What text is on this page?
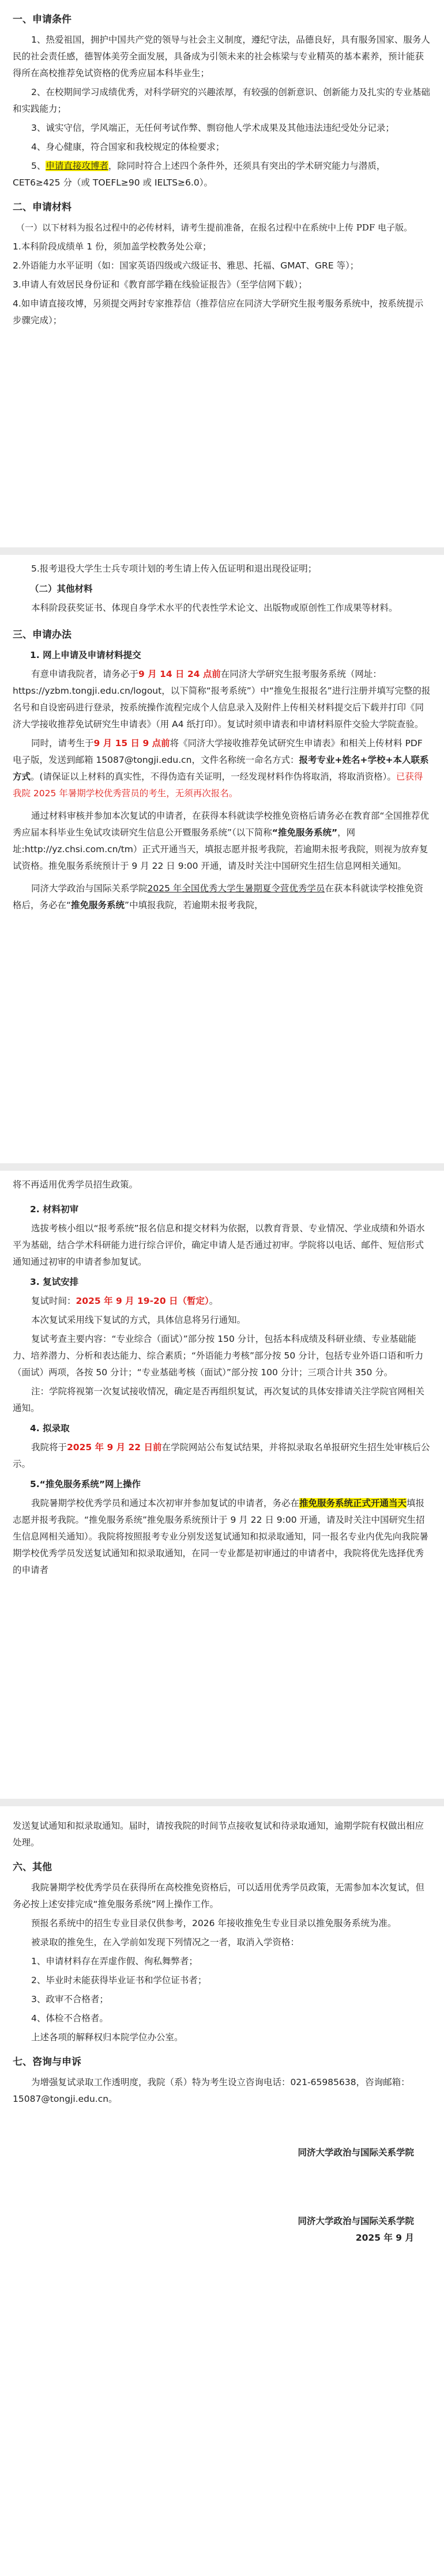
一、申请条件
1、热爱祖国，拥护中国共产党的领导与社会主义制度，遵纪守法，品德良好，具有服务国家、服务人民的社会责任感，德智体美劳全面发展，具备成为引领未来的社会栋梁与专业精英的基本素养，预计能获得所在高校推荐免试资格的优秀应届本科毕业生；
2、在校期间学习成绩优秀，对科学研究的兴趣浓厚，有较强的创新意识、创新能力及扎实的专业基础和实践能力；
3、诚实守信，学风端正，无任何考试作弊、剽窃他人学术成果及其他违法违纪受处分记录；
4、身心健康，符合国家和我校规定的体检要求；
5、申请直接攻博者，除同时符合上述四个条件外，还须具有突出的学术研究能力与潜质，CET6≥425 分（或 TOEFL≥90 或 IELTS≥6.0）。
二、申请材料
（一）以下材料为报名过程中的必传材料，请考生提前准备，在报名过程中在系统中上传 PDF 电子版。
1.本科阶段成绩单 1 份，须加盖学校教务处公章；
2.外语能力水平证明（如：国家英语四级或六级证书、雅思、托福、GMAT、GRE 等）；
3.申请人有效居民身份证和《教育部学籍在线验证报告》（至学信网下载）；
4.如申请直接攻博，另须提交两封专家推荐信（推荐信应在同济大学研究生报考服务系统中，按系统提示步骤完成）；
5.报考退役大学生士兵专项计划的考生请上传入伍证明和退出现役证明；
（二）其他材料
本科阶段获奖证书、体现自身学术水平的代表性学术论文、出版物或原创性工作成果等材料。
三、申请办法
1. 网上申请及申请材料提交
有意申请我院者，请务必于9 月 14 日 24 点前在同济大学研究生报考服务系统（网址：https://yzbm.tongji.edu.cn/logout，以下简称“报考系统”）中“推免生报报名”进行注册并填写完整的报名号和自设密码进行登录，按系统操作流程完成个人信息录入及附件上传相关材料提交后下载并打印《同济大学接收推荐免试研究生申请表》（用 A4 纸打印）。复试时须申请表和申请材料原件交验大学院查验。
同时，请考生于9 月 15 日 9 点前将《同济大学接收推荐免试研究生申请表》和相关上传材料 PDF 电子版，发送到邮箱 15087@tongji.edu.cn，文件名称统一命名方式：报考专业+姓名+学校+本人联系方式。(请保证以上材料的真实性，不得伪造有关证明，一经发现材料作伪将取消，将取消资格）。已获得我院 2025 年暑期学校优秀营员的考生，无须再次报名。
通过材料审核并参加本次复试的申请者，在获得本科就读学校推免资格后请务必在教育部“全国推荐优秀应届本科毕业生免试攻读研究生信息公开暨服务系统”（以下简称“推免服务系统”，网址:http://yz.chsi.com.cn/tm）正式开通当天，填报志愿并报考我院，若逾期未报考我院，则视为放弃复试资格。推免服务系统预计于 9 月 22 日 9:00 开通，请及时关注中国研究生招生信息网相关通知。
同济大学政治与国际关系学院2025 年全国优秀大学生暑期夏令营优秀学员在获本科就读学校推免资格后，务必在“推免服务系统”中填报我院，若逾期未报考我院，
将不再适用优秀学员招生政策。
2. 材料初审
选拔考核小组以“报考系统”报名信息和提交材料为依据，以教育背景、专业情况、学业成绩和外语水平为基础，结合学术科研能力进行综合评价，确定申请人是否通过初审。学院将以电话、邮件、短信形式通知通过初审的申请者参加复试。
3. 复试安排
复试时间：2025 年 9 月 19-20 日（暂定）。
本次复试采用线下复试的方式，具体信息将另行通知。
复试考查主要内容：“专业综合（面试）”部分按 150 分计，包括本科成绩及科研业绩、专业基础能力、培养潜力、分析和表达能力、综合素质；“外语能力考核”部分按 50 分计，包括专业外语口语和听力（面试）两项，各按 50 分计；“专业基础考核（面试）”部分按 100 分计；三项合计共 350 分。
注：学院将视第一次复试接收情况，确定是否再组织复试，再次复试的具体安排请关注学院官网相关通知。
4. 拟录取
我院将于2025 年 9 月 22 日前在学院网站公布复试结果，并将拟录取名单报研究生招生处审核后公示。
5.“推免服务系统”网上操作
我院暑期学校优秀学员和通过本次初审并参加复试的申请者，务必在推免服务系统正式开通当天填报志愿并报考我院。“推免服务系统”推免服务系统预计于 9 月 22 日 9:00 开通，请及时关注中国研究生招生信息网相关通知）。我院将按照报考专业分别发送复试通知和拟录取通知，同一报名专业内优先向我院暑期学校优秀学员发送复试通知和拟录取通知，在同一专业都是初审通过的申请者中，我院将优先选择优秀的申请者
发送复试通知和拟录取通知。届时，请按我院的时间节点接收复试和待录取通知，逾期学院有权做出相应处理。
六、其他
我院暑期学校优秀学员在获得所在高校推免资格后，可以适用优秀学员政策，无需参加本次复试，但务必按上述安排完成“推免服务系统”网上操作工作。
预报名系统中的招生专业目录仅供参考，2026 年接收推免生专业目录以推免服务系统为准。
被录取的推免生，在入学前如发现下列情况之一者，取消入学资格：
1、申请材料存在弄虚作假、徇私舞弊者；
2、毕业时未能获得毕业证书和学位证书者；
3、政审不合格者；
4、体检不合格者。
上述各项的解释权归本院学位办公室。
七、咨询与申诉
为增强复试录取工作透明度，我院（系）特为考生设立咨询电话：021-65985638，咨询邮箱：15087@tongji.edu.cn。
同济大学政治与国际关系学院
同济大学政治与国际关系学院
2025 年 9 月
